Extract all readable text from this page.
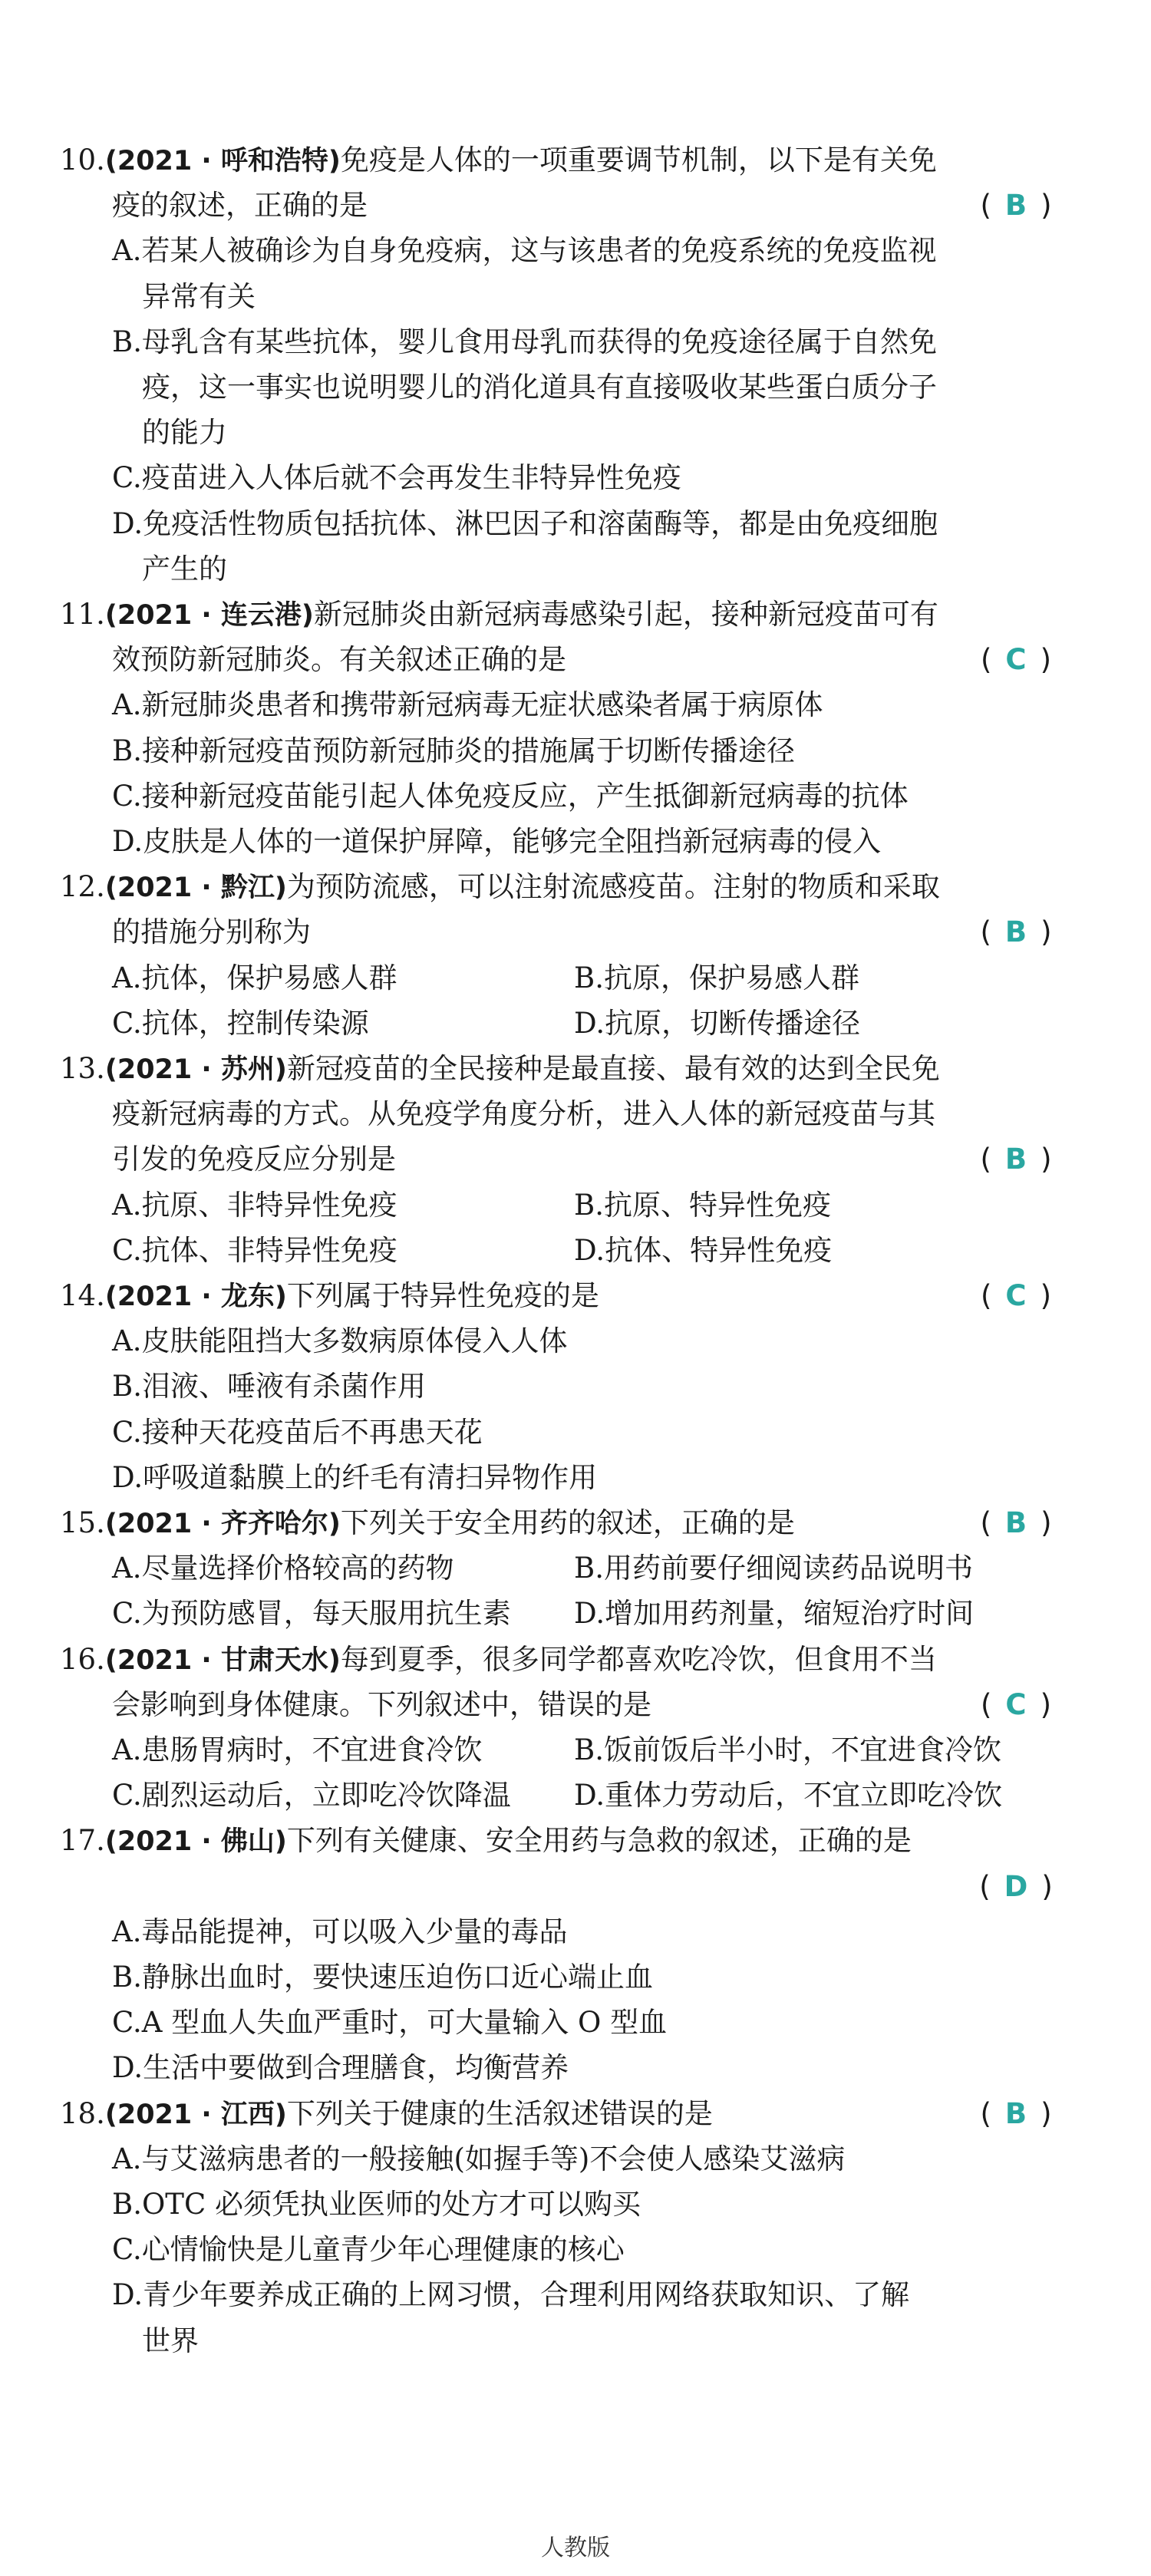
10.(2021 · 呼和浩特)免疫是人体的一项重要调节机制，以下是有关免
疫的叙述，正确的是	( B )
A.若某人被确诊为自身免疫病，这与该患者的免疫系统的免疫监视
异常有关
B.母乳含有某些抗体，婴儿食用母乳而获得的免疫途径属于自然免
疫，这一事实也说明婴儿的消化道具有直接吸收某些蛋白质分子
的能力
C.疫苗进入人体后就不会再发生非特异性免疫
D.免疫活性物质包括抗体、淋巴因子和溶菌酶等，都是由免疫细胞
产生的
11.(2021 · 连云港)新冠肺炎由新冠病毒感染引起，接种新冠疫苗可有
效预防新冠肺炎。有关叙述正确的是	( C )
A.新冠肺炎患者和携带新冠病毒无症状感染者属于病原体
B.接种新冠疫苗预防新冠肺炎的措施属于切断传播途径
C.接种新冠疫苗能引起人体免疫反应，产生抵御新冠病毒的抗体
D.皮肤是人体的一道保护屏障，能够完全阻挡新冠病毒的侵入
12.(2021 · 黔江)为预防流感，可以注射流感疫苗。注射的物质和采取
的措施分别称为	( B )
A.抗体，保护易感人群	B.抗原，保护易感人群
C.抗体，控制传染源	D.抗原，切断传播途径
13.(2021 · 苏州)新冠疫苗的全民接种是最直接、最有效的达到全民免
疫新冠病毒的方式。从免疫学角度分析，进入人体的新冠疫苗与其
引发的免疫反应分别是	( B )
A.抗原、非特异性免疫	B.抗原、特异性免疫
C.抗体、非特异性免疫	D.抗体、特异性免疫
14.(2021 · 龙东)下列属于特异性免疫的是	( C )
A.皮肤能阻挡大多数病原体侵入人体
B.泪液、唾液有杀菌作用
C.接种天花疫苗后不再患天花
D.呼吸道黏膜上的纤毛有清扫异物作用
15.(2021 · 齐齐哈尔)下列关于安全用药的叙述，正确的是	( B )
A.尽量选择价格较高的药物	B.用药前要仔细阅读药品说明书
C.为预防感冒，每天服用抗生素 D.增加用药剂量，缩短治疗时间
16.(2021 · 甘肃天水)每到夏季，很多同学都喜欢吃冷饮，但食用不当
会影响到身体健康。下列叙述中，错误的是	( C )
A.患肠胃病时，不宜进食冷饮	B.饭前饭后半小时，不宜进食冷饮
C.剧烈运动后，立即吃冷饮降温 D.重体力劳动后，不宜立即吃冷饮
17.(2021 · 佛山)下列有关健康、安全用药与急救的叙述，正确的是
( D )
A.毒品能提神，可以吸入少量的毒品
B.静脉出血时，要快速压迫伤口近心端止血
C.A 型血人失血严重时，可大量输入 O 型血
D.生活中要做到合理膳食，均衡营养
18.(2021 · 江西)下列关于健康的生活叙述错误的是	( B )
A.与艾滋病患者的一般接触(如握手等)不会使人感染艾滋病
B.OTC 必须凭执业医师的处方才可以购买
C.心情愉快是儿童青少年心理健康的核心
D.青少年要养成正确的上网习惯，合理利用网络获取知识、了解
世界
人教版
